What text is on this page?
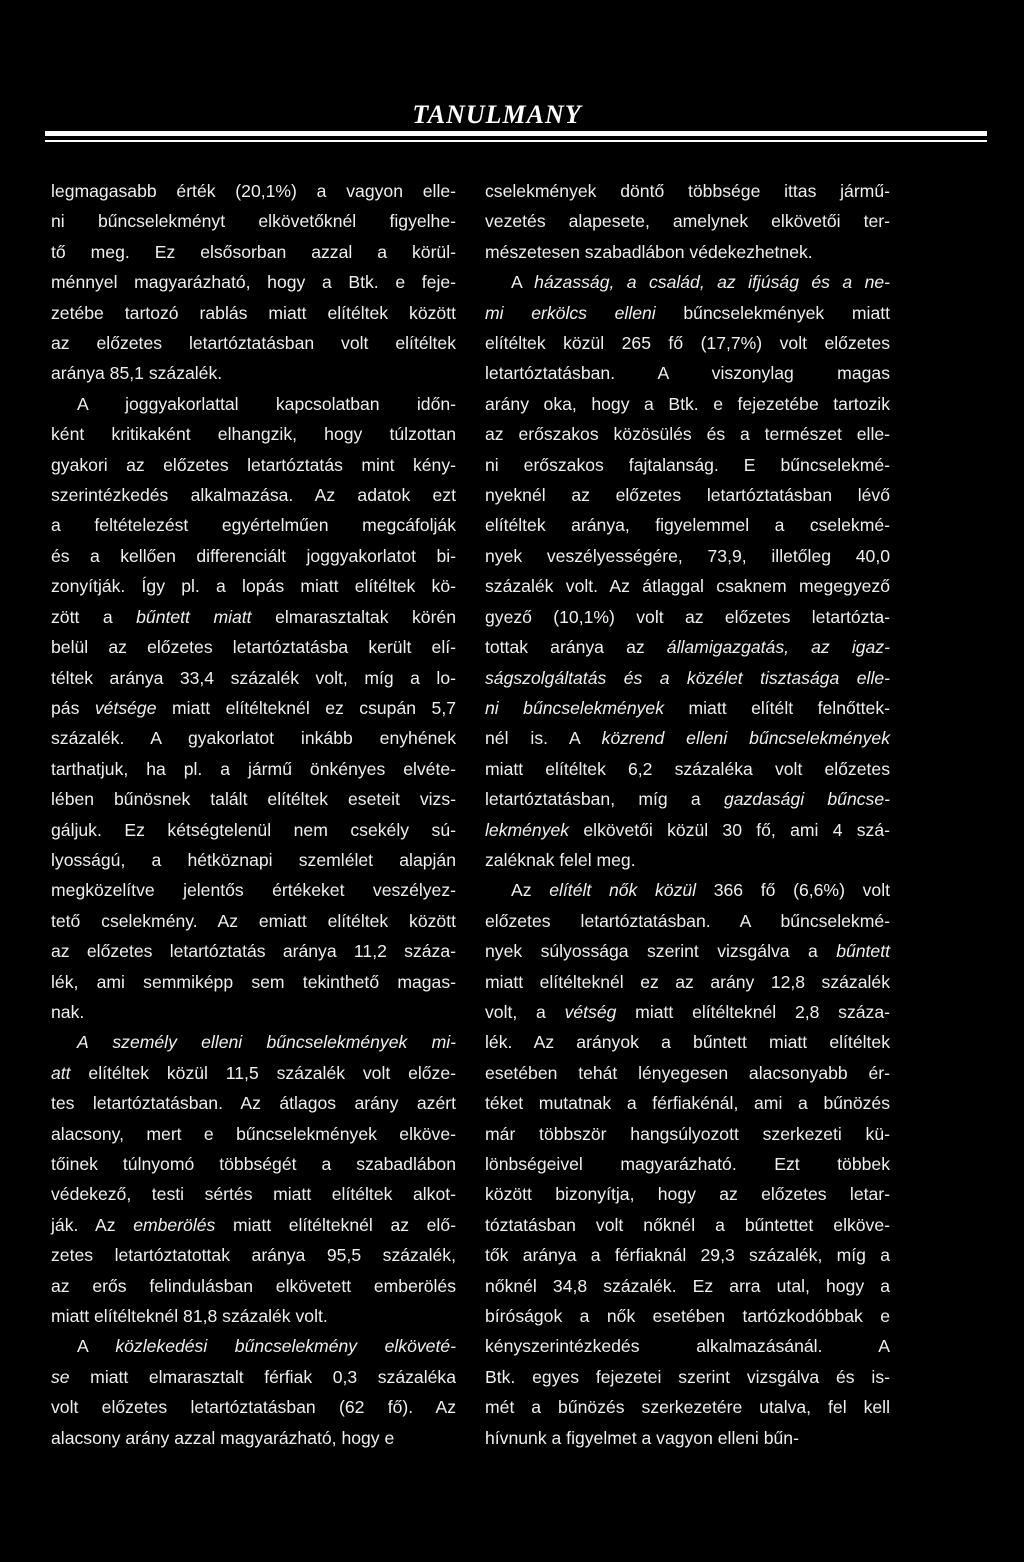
TANULMANY
legmagasabb érték (20,1%) a vagyon elle-
ni bűncselekményt elkövetőknél figyelhe-
tő meg. Ez elsősorban azzal a körül-
ménnyel magyarázható, hogy a Btk. e feje-
zetébe tartozó rablás miatt elítéltek között
az előzetes letartóztatásban volt elítéltek
aránya 85,1 százalék.
A joggyakorlattal kapcsolatban időn-
ként kritikaként elhangzik, hogy túlzottan
gyakori az előzetes letartóztatás mint kény-
szerintézkedés alkalmazása. Az adatok ezt
a feltételezést egyértelműen megcáfolják
és a kellően differenciált joggyakorlatot bi-
zonyítják. Így pl. a lopás miatt elítéltek kö-
zött a bűntett miatt elmarasztaltak körén
belül az előzetes letartóztatásba került elí-
téltek aránya 33,4 százalék volt, míg a lo-
pás vétsége miatt elítélteknél ez csupán 5,7
százalék. A gyakorlatot inkább enyhének
tarthatjuk, ha pl. a jármű önkényes elvéte-
lében bűnösnek talált elítéltek eseteit vizs-
gáljuk. Ez kétségtelenül nem csekély sú-
lyosságú, a hétköznapi szemlélet alapján
megközelítve jelentős értékeket veszélyez-
tető cselekmény. Az emiatt elítéltek között
az előzetes letartóztatás aránya 11,2 száza-
lék, ami semmiképp sem tekinthető magas-
nak.
A személy elleni bűncselekmények mi-
att elítéltek közül 11,5 százalék volt előze-
tes letartóztatásban. Az átlagos arány azért
alacsony, mert e bűncselekmények elköve-
tőinek túlnyomó többségét a szabadlábon
védekező, testi sértés miatt elítéltek alkot-
ják. Az emberölés miatt elítélteknél az elő-
zetes letartóztatottak aránya 95,5 százalék,
az erős felindulásban elkövetett emberölés
miatt elítélteknél 81,8 százalék volt.
A közlekedési bűncselekmény elköveté-
se miatt elmarasztalt férfiak 0,3 százaléka
volt előzetes letartóztatásban (62 fő). Az
alacsony arány azzal magyarázható, hogy e
cselekmények döntő többsége ittas jármű-
vezetés alapesete, amelynek elkövetői ter-
mészetesen szabadlábon védekezhetnek.
A házasság, a család, az ifjúság és a ne-
mi erkölcs elleni bűncselekmények miatt
elítéltek közül 265 fő (17,7%) volt előzetes
letartóztatásban. A viszonylag magas
arány oka, hogy a Btk. e fejezetébe tartozik
az erőszakos közösülés és a természet elle-
ni erőszakos fajtalanság. E bűncselekmé-
nyeknél az előzetes letartóztatásban lévő
elítéltek aránya, figyelemmel a cselekmé-
nyek veszélyességére, 73,9, illetőleg 40,0
százalék volt. Az átlaggal csaknem megegyező
gyező (10,1%) volt az előzetes letartózta-
tottak aránya az államigazgatás, az igaz-
ságszolgáltatás és a közélet tisztasága elle-
ni bűncselekmények miatt elítélt felnőttek-
nél is. A közrend elleni bűncselekmények
miatt elítéltek 6,2 százaléka volt előzetes
letartóztatásban, míg a gazdasági bűncse-
lekmények elkövetői közül 30 fő, ami 4 szá-
zaléknak felel meg.
Az elítélt nők közül 366 fő (6,6%) volt
előzetes letartóztatásban. A bűncselekmé-
nyek súlyossága szerint vizsgálva a bűntett
miatt elítélteknél ez az arány 12,8 százalék
volt, a vétség miatt elítélteknél 2,8 száza-
lék. Az arányok a bűntett miatt elítéltek
esetében tehát lényegesen alacsonyabb ér-
téket mutatnak a férfiakénál, ami a bűnözés
már többször hangsúlyozott szerkezeti kü-
lönbségeivel magyarázható. Ezt többek
között bizonyítja, hogy az előzetes letar-
tóztatásban volt nőknél a bűntettet elköve-
tők aránya a férfiaknál 29,3 százalék, míg a
nőknél 34,8 százalék. Ez arra utal, hogy a
bíróságok a nők esetében tartózkodóbbak e
kényszerintézkedés alkalmazásánál. A
Btk. egyes fejezetei szerint vizsgálva és is-
mét a bűnözés szerkezetére utalva, fel kell
hívnunk a figyelmet a vagyon elleni bűn-
